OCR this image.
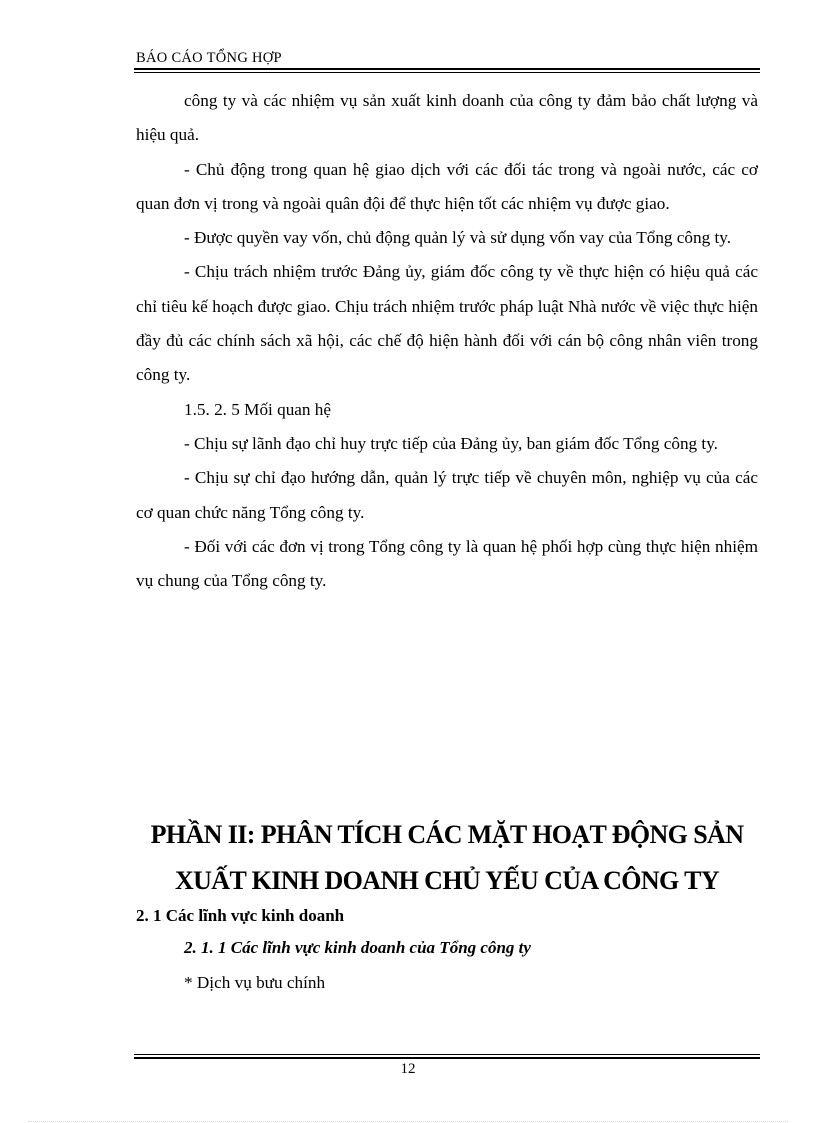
BÁO CÁO TỔNG HỢP

công ty và các nhiệm vụ sản xuất kinh doanh của công ty đảm bảo chất lượng và hiệu quả.

- Chủ động trong quan hệ giao dịch với các đối tác trong và ngoài nước, các cơ quan đơn vị trong và ngoài quân đội để thực hiện tốt các nhiệm vụ được giao.

- Được quyền vay vốn, chủ động quản lý và sử dụng vốn vay của Tổng công ty.

- Chịu trách nhiệm trước Đảng ủy, giám đốc công ty về thực hiện có hiệu quả các chỉ tiêu kế hoạch được giao. Chịu trách nhiệm trước pháp luật Nhà nước về việc thực hiện đầy đủ các chính sách xã hội, các chế độ hiện hành đối với cán bộ công nhân viên trong công ty.

1.5. 2. 5 Mối quan hệ

- Chịu sự lãnh đạo chỉ huy trực tiếp của Đảng ủy, ban giám đốc Tổng công ty.

- Chịu sự chỉ đạo hướng dẫn, quản lý trực tiếp về chuyên môn, nghiệp vụ của các cơ quan chức năng Tổng công ty.

- Đối với các đơn vị trong Tổng công ty là quan hệ phối hợp cùng thực hiện nhiệm vụ chung của Tổng công ty.

PHẦN II: PHÂN TÍCH CÁC MẶT HOẠT ĐỘNG SẢN
XUẤT KINH DOANH CHỦ YẾU CỦA CÔNG TY
2. 1 Các lĩnh vực kinh doanh
2. 1. 1 Các lĩnh vực kinh doanh của Tổng công ty

* Dịch vụ bưu chính

12
